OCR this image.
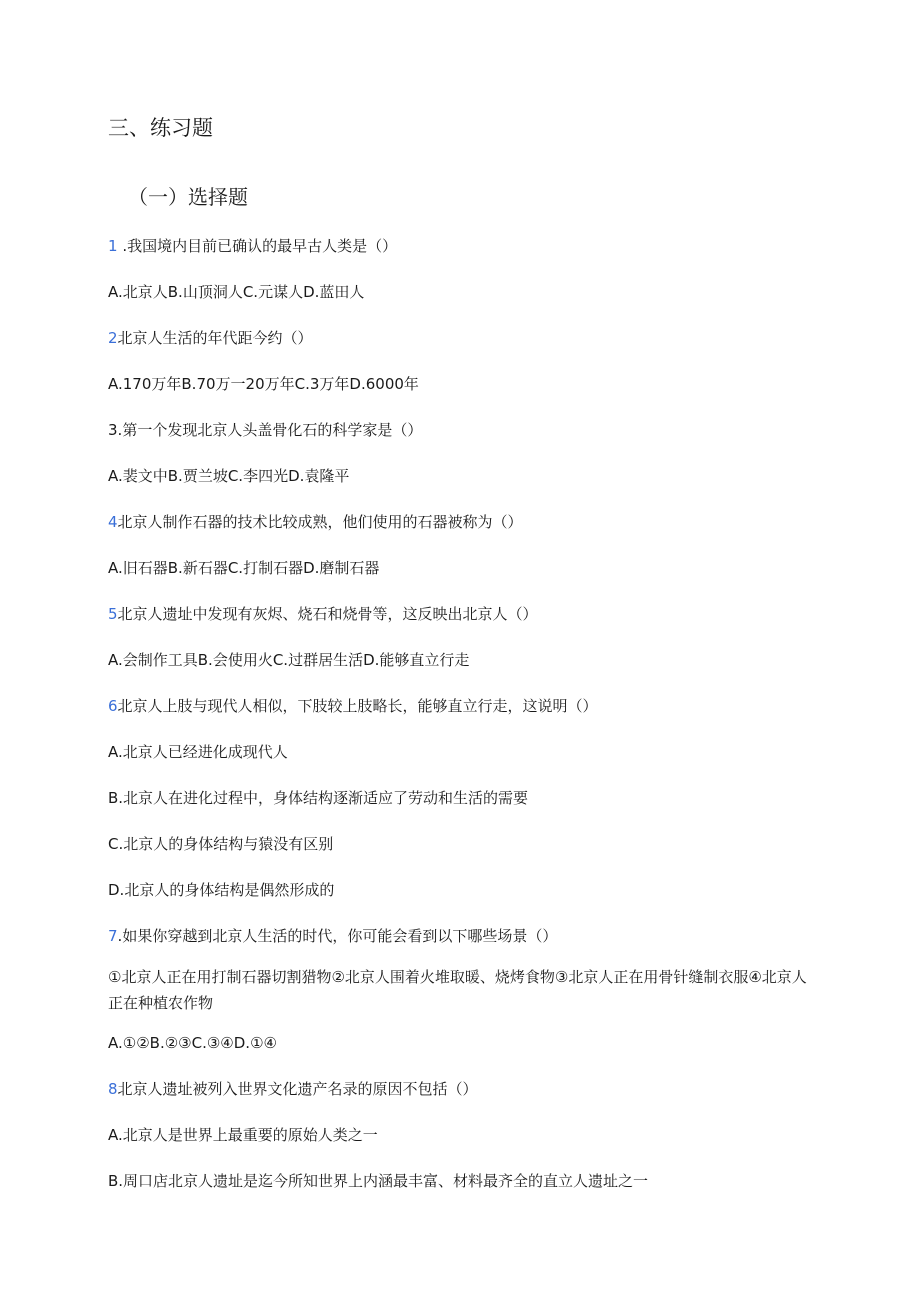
三、练习题
（一）选择题
1 .我国境内目前已确认的最早古人类是（）
A.北京人B.山顶洞人C.元谋人D.蓝田人
2北京人生活的年代距今约（）
A.170万年B.70万一20万年C.3万年D.6000年
3.第一个发现北京人头盖骨化石的科学家是（）
A.裴文中B.贾兰坡C.李四光D.袁隆平
4北京人制作石器的技术比较成熟，他们使用的石器被称为（）
A.旧石器B.新石器C.打制石器D.磨制石器
5北京人遗址中发现有灰烬、烧石和烧骨等，这反映出北京人（）
A.会制作工具B.会使用火C.过群居生活D.能够直立行走
6北京人上肢与现代人相似，下肢较上肢略长，能够直立行走，这说明（）
A.北京人已经进化成现代人
B.北京人在进化过程中，身体结构逐渐适应了劳动和生活的需要
C.北京人的身体结构与猿没有区别
D.北京人的身体结构是偶然形成的
7.如果你穿越到北京人生活的时代，你可能会看到以下哪些场景（）
①北京人正在用打制石器切割猎物②北京人围着火堆取暖、烧烤食物③北京人正在用骨针缝制衣服④北京人正在种植农作物
A.①②B.②③C.③④D.①④
8北京人遗址被列入世界文化遗产名录的原因不包括（）
A.北京人是世界上最重要的原始人类之一
B.周口店北京人遗址是迄今所知世界上内涵最丰富、材料最齐全的直立人遗址之一
